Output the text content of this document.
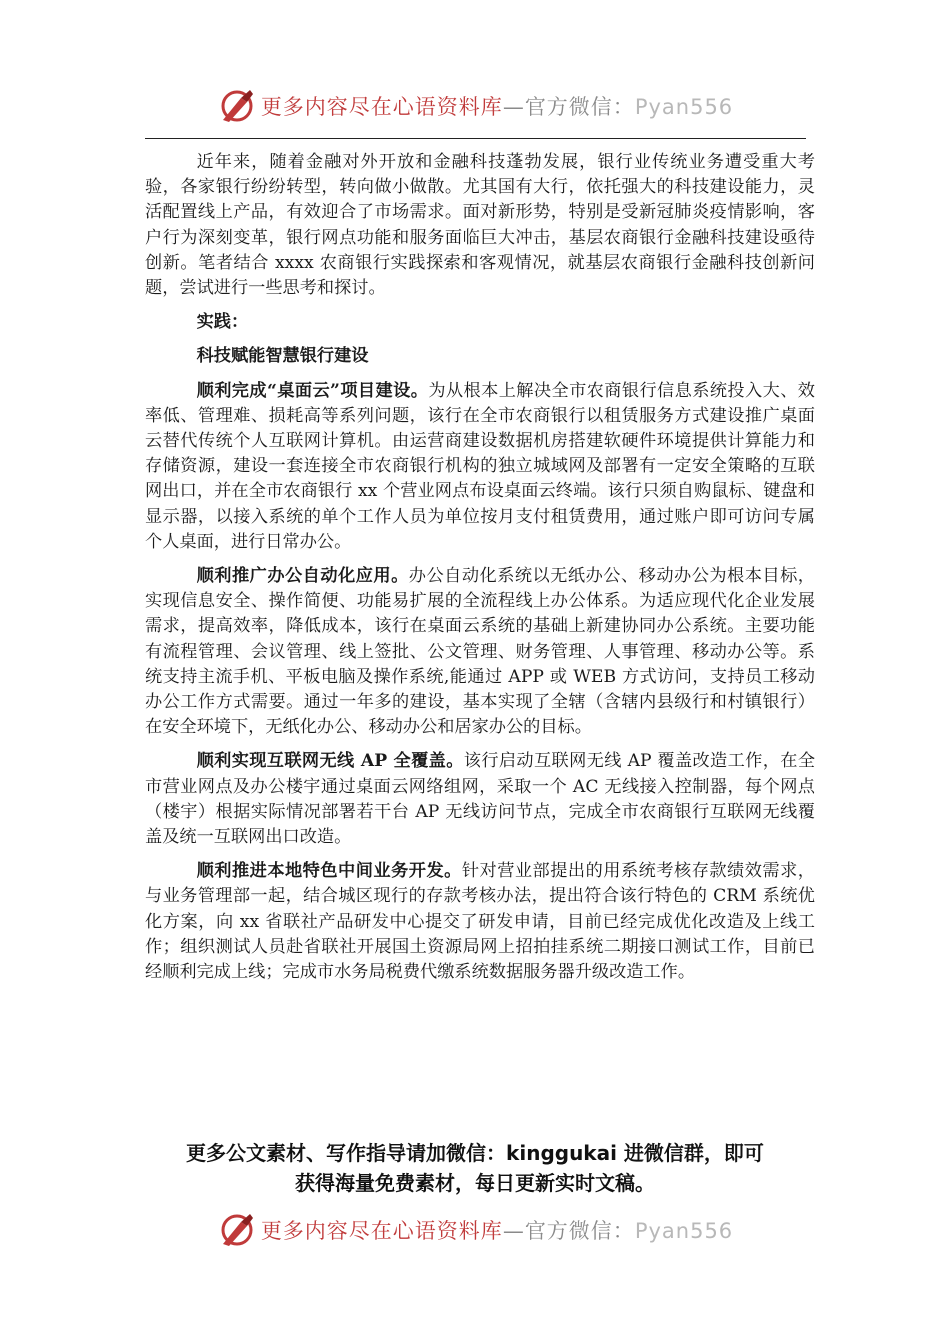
更多内容尽在心语资料库—官方微信：Pyan556

近年来，随着金融对外开放和金融科技蓬勃发展，银行业传统业务遭受重大考验，各家银行纷纷转型，转向做小做散。尤其国有大行，依托强大的科技建设能力，灵活配置线上产品，有效迎合了市场需求。面对新形势，特别是受新冠肺炎疫情影响，客户行为深刻变革，银行网点功能和服务面临巨大冲击，基层农商银行金融科技建设亟待创新。笔者结合 xxxx 农商银行实践探索和客观情况，就基层农商银行金融科技创新问题，尝试进行一些思考和探讨。

实践：

科技赋能智慧银行建设

顺利完成“桌面云”项目建设。为从根本上解决全市农商银行信息系统投入大、效率低、管理难、损耗高等系列问题，该行在全市农商银行以租赁服务方式建设推广桌面云替代传统个人互联网计算机。由运营商建设数据机房搭建软硬件环境提供计算能力和存储资源，建设一套连接全市农商银行机构的独立城域网及部署有一定安全策略的互联网出口，并在全市农商银行 xx 个营业网点布设桌面云终端。该行只须自购鼠标、键盘和显示器，以接入系统的单个工作人员为单位按月支付租赁费用，通过账户即可访问专属个人桌面，进行日常办公。

顺利推广办公自动化应用。办公自动化系统以无纸办公、移动办公为根本目标，实现信息安全、操作简便、功能易扩展的全流程线上办公体系。为适应现代化企业发展需求，提高效率，降低成本，该行在桌面云系统的基础上新建协同办公系统。主要功能有流程管理、会议管理、线上签批、公文管理、财务管理、人事管理、移动办公等。系统支持主流手机、平板电脑及操作系统,能通过 APP 或 WEB 方式访问，支持员工移动办公工作方式需要。通过一年多的建设，基本实现了全辖（含辖内县级行和村镇银行）在安全环境下，无纸化办公、移动办公和居家办公的目标。

顺利实现互联网无线 AP 全覆盖。该行启动互联网无线 AP 覆盖改造工作，在全市营业网点及办公楼宇通过桌面云网络组网，采取一个 AC 无线接入控制器，每个网点（楼宇）根据实际情况部署若干台 AP 无线访问节点，完成全市农商银行互联网无线覆盖及统一互联网出口改造。

顺利推进本地特色中间业务开发。针对营业部提出的用系统考核存款绩效需求，与业务管理部一起，结合城区现行的存款考核办法，提出符合该行特色的 CRM 系统优化方案，向 xx 省联社产品研发中心提交了研发申请，目前已经完成优化改造及上线工作；组织测试人员赴省联社开展国土资源局网上招拍挂系统二期接口测试工作，目前已经顺利完成上线；完成市水务局税费代缴系统数据服务器升级改造工作。

更多公文素材、写作指导请加微信：kinggukai 进微信群，即可
获得海量免费素材，每日更新实时文稿。
更多内容尽在心语资料库—官方微信：Pyan556
